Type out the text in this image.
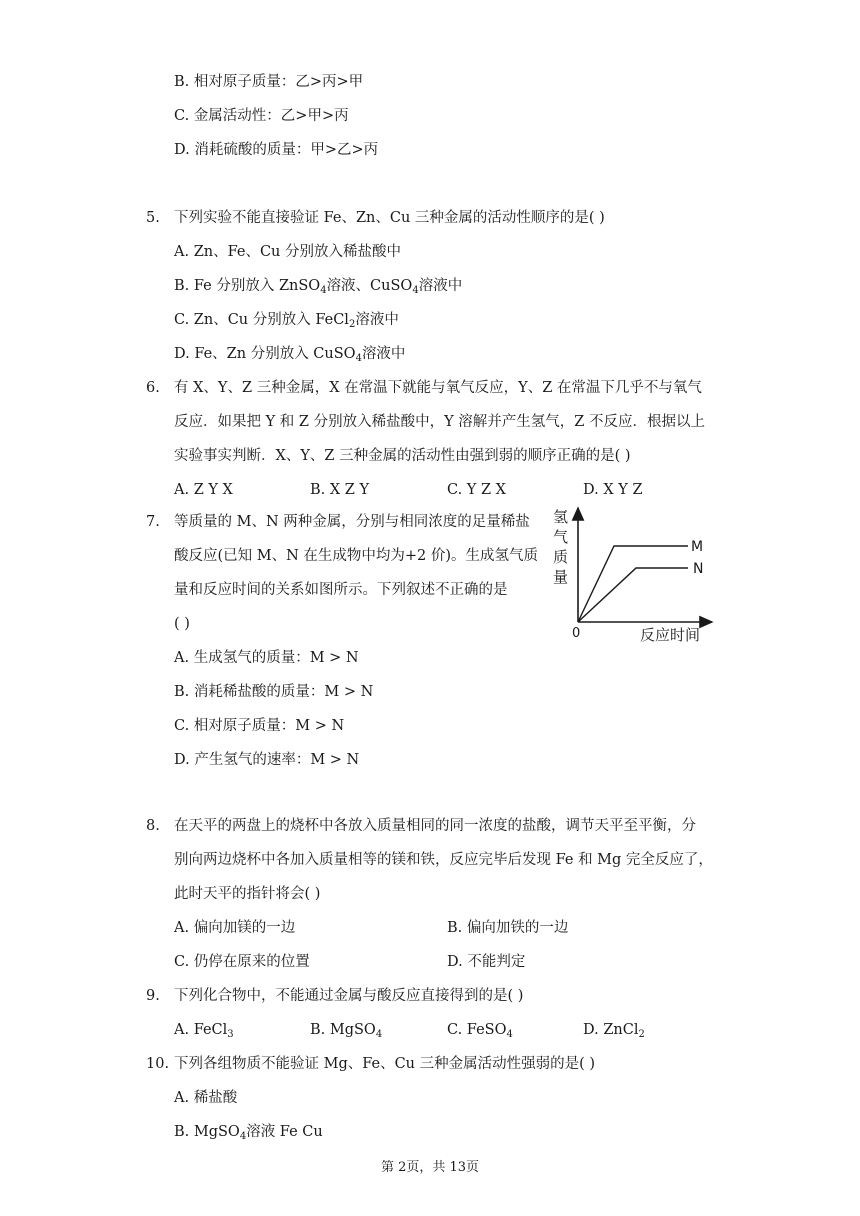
B. 相对原子质量：乙>丙>甲
C. 金属活动性：乙>甲>丙
D. 消耗硫酸的质量：甲>乙>丙
5. 下列实验不能直接验证 Fe、Zn、Cu 三种金属的活动性顺序的是( )
A. Zn、Fe、Cu 分别放入稀盐酸中
B. Fe 分别放入 ZnSO$_4$溶液、CuSO$_4$溶液中
C. Zn、Cu 分别放入 FeCl$_2$溶液中
D. Fe、Zn 分别放入 CuSO$_4$溶液中
6. 有 X、Y、Z 三种金属，X 在常温下就能与氧气反应，Y、Z 在常温下几乎不与氧气
反应．如果把 Y 和 Z 分别放入稀盐酸中，Y 溶解并产生氢气，Z 不反应．根据以上
实验事实判断．X、Y、Z 三种金属的活动性由强到弱的顺序正确的是( )
A. Z Y X	B. X Z Y	C. Y Z X	D. X Y Z
7. 等质量的 M、N 两种金属，分别与相同浓度的足量稀盐
酸反应(已知 M、N 在生成物中均为+2 价)。生成氢气质
量和反应时间的关系如图所示。下列叙述不正确的是
( )
A. 生成氢气的质量：M > N
B. 消耗稀盐酸的质量：M > N
C. 相对原子质量：M > N
D. 产生氢气的速率：M > N
氢
气
质
量
M
N
0	反应时间
8. 在天平的两盘上的烧杯中各放入质量相同的同一浓度的盐酸，调节天平至平衡，分
别向两边烧杯中各加入质量相等的镁和铁，反应完毕后发现 Fe 和 Mg 完全反应了，
此时天平的指针将会( )
A. 偏向加镁的一边	B. 偏向加铁的一边
C. 仍停在原来的位置	D. 不能判定
9. 下列化合物中，不能通过金属与酸反应直接得到的是( )
A. FeCl$_3$	B. MgSO$_4$	C. FeSO$_4$	D. ZnCl$_2$
10. 下列各组物质不能验证 Mg、Fe、Cu 三种金属活动性强弱的是( )
A. 稀盐酸
B. MgSO$_4$溶液 Fe Cu
第 2页，共 13页
